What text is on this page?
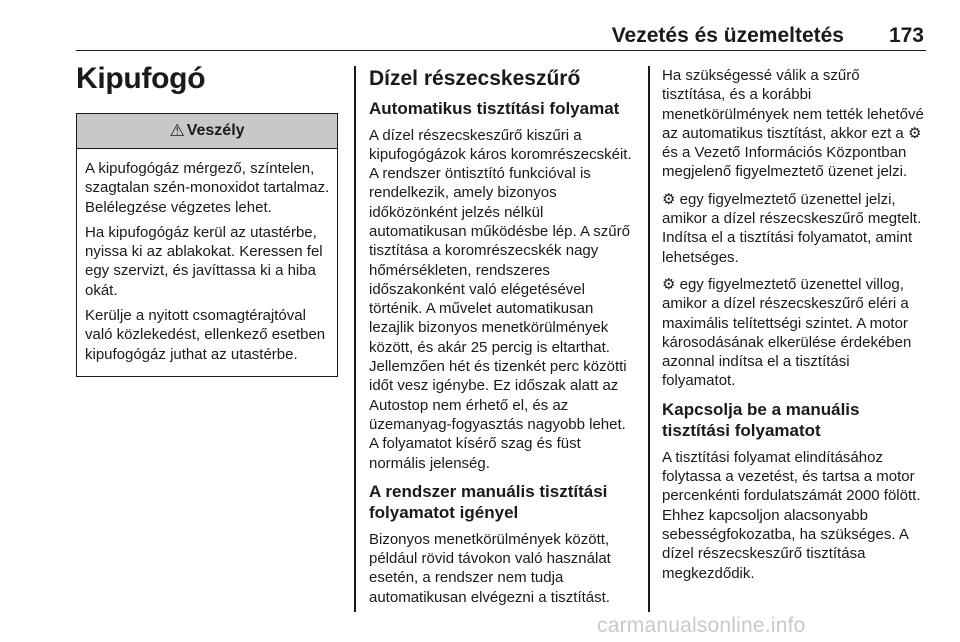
Vezetés és üzemeltetés 173
Kipufogó
⚠ Veszély

A kipufogógáz mérgező, színtelen, szagtalan szén-monoxidot tartalmaz. Belélegzése végzetes lehet.

Ha kipufogógáz kerül az utastérbe, nyissa ki az ablakokat. Keressen fel egy szervizt, és javíttassa ki a hiba okát.

Kerülje a nyitott csomagtérajtóval való közlekedést, ellenkező esetben kipufogógáz juthat az utastérbe.

Dízel részecskeszűrő
Automatikus tisztítási folyamat

A dízel részecskeszűrő kiszűri a kipufogógázok káros koromrészecskéit. A rendszer öntisztító funkcióval is rendelkezik, amely bizonyos időközönként jelzés nélkül automatikusan működésbe lép. A szűrő tisztítása a koromrészecskék nagy hőmérsékleten, rendszeres időszakonként való elégetésével történik. A művelet automatikusan lezajlik bizonyos menetkörülmények között, és akár 25 percig is eltarthat. Jellemzően hét és tizenkét perc közötti időt vesz igénybe. Ez időszak alatt az Autostop nem érhető el, és az üzemanyag-fogyasztás nagyobb lehet. A folyamatot kísérő szag és füst normális jelenség.

A rendszer manuális tisztítási folyamatot igényel

Bizonyos menetkörülmények között, például rövid távokon való használat esetén, a rendszer nem tudja automatikusan elvégezni a tisztítást.

Ha szükségessé válik a szűrő tisztítása, és a korábbi menetkörülmények nem tették lehetővé az automatikus tisztítást, akkor ezt a ⚙ és a Vezető Információs Központban megjelenő figyelmeztető üzenet jelzi.

⚙ egy figyelmeztető üzenettel jelzi, amikor a dízel részecskeszűrő megtelt. Indítsa el a tisztítási folyamatot, amint lehetséges.

⚙ egy figyelmeztető üzenettel villog, amikor a dízel részecskeszűrő eléri a maximális telítettségi szintet. A motor károsodásának elkerülése érdekében azonnal indítsa el a tisztítási folyamatot.

Kapcsolja be a manuális tisztítási folyamatot

A tisztítási folyamat elindításához folytassa a vezetést, és tartsa a motor percenkénti fordulatszámát 2000 fölött. Ehhez kapcsoljon alacsonyabb sebességfokozatba, ha szükséges. A dízel részecskeszűrő tisztítása megkezdődik.

carmanualsonline.info
